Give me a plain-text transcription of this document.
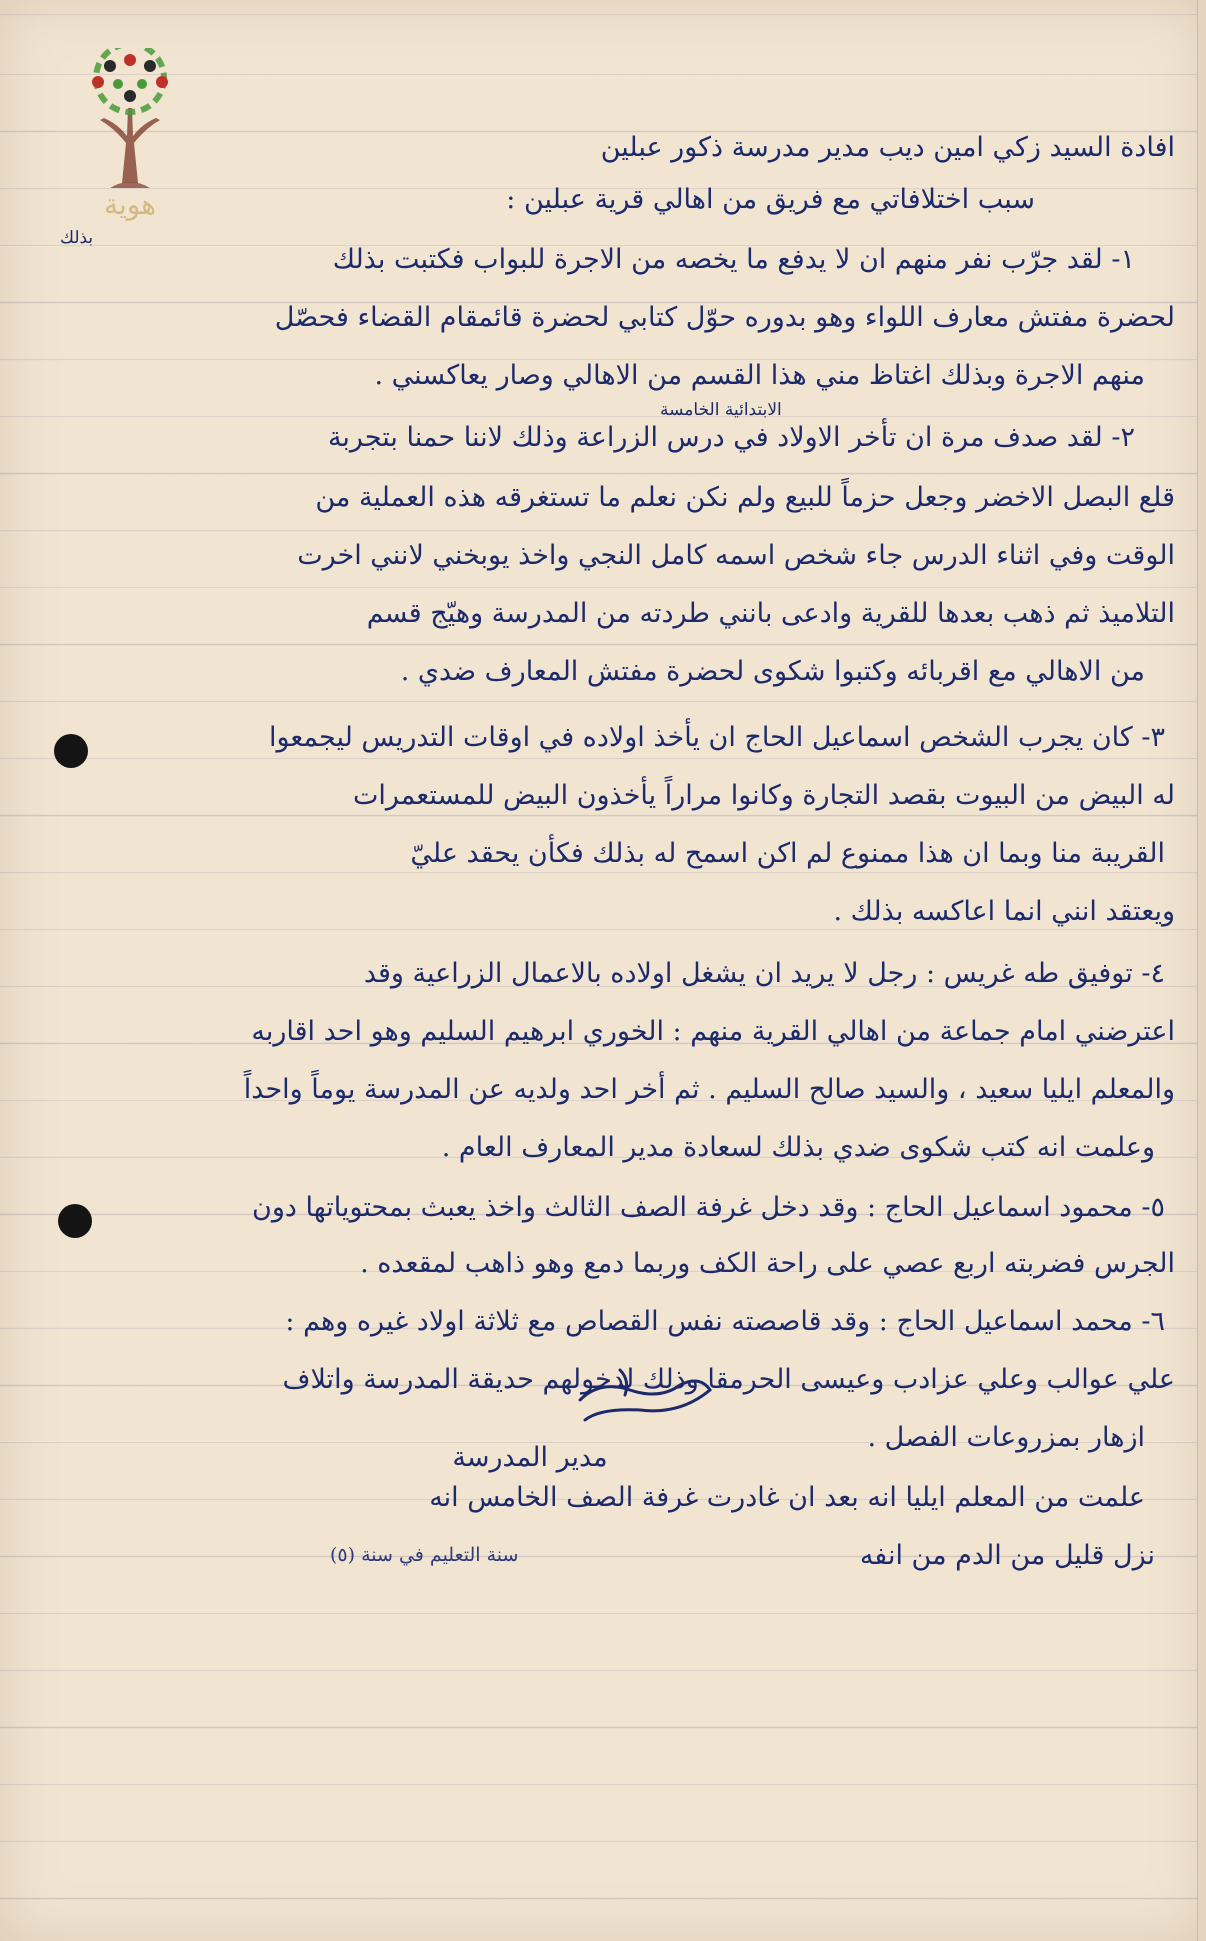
هوية
افادة السيد زكي امين ديب مدير مدرسة ذكور عبلين
سبب اختلافاتي مع فريق من اهالي قرية عبلين :
١- لقد جرّب نفر منهم ان لا يدفع ما يخصه من الاجرة للبواب فكتبت بذلك
لحضرة مفتش معارف اللواء وهو بدوره حوّل كتابي لحضرة قائمقام القضاء فحصّل
منهم الاجرة وبذلك اغتاظ مني هذا القسم من الاهالي وصار يعاكسني .
٢- لقد صدف مرة ان تأخر الاولاد في درس الزراعة وذلك لاننا حمنا بتجربة
قلع البصل الاخضر وجعل حزماً للبيع ولم نكن نعلم ما تستغرقه هذه العملية من
الوقت وفي اثناء الدرس جاء شخص اسمه كامل النجي واخذ يوبخني لانني اخرت
التلاميذ ثم ذهب بعدها للقرية وادعى بانني طردته من المدرسة وهيّج قسم
من الاهالي مع اقربائه وكتبوا شكوى لحضرة مفتش المعارف ضدي .
٣- كان يجرب الشخص اسماعيل الحاج ان يأخذ اولاده في اوقات التدريس ليجمعوا
له البيض من البيوت بقصد التجارة وكانوا مراراً يأخذون البيض للمستعمرات
القريبة منا وبما ان هذا ممنوع لم اكن اسمح له بذلك فكأن يحقد عليّ
ويعتقد انني انما اعاكسه بذلك .
٤- توفيق طه غريس : رجل لا يريد ان يشغل اولاده بالاعمال الزراعية وقد
اعترضني امام جماعة من اهالي القرية منهم : الخوري ابرهيم السليم وهو احد اقاربه
والمعلم ايليا سعيد ، والسيد صالح السليم . ثم أخر احد ولديه عن المدرسة يوماً واحداً
وعلمت انه كتب شكوى ضدي بذلك لسعادة مدير المعارف العام .
٥- محمود اسماعيل الحاج : وقد دخل غرفة الصف الثالث واخذ يعبث بمحتوياتها دون
الجرس فضربته اربع عصي على راحة الكف وربما دمع وهو ذاهب لمقعده .
٦- محمد اسماعيل الحاج : وقد قاصصته نفس القصاص مع ثلاثة اولاد غيره وهم :
علي عوالب وعلي عزادب وعيسى الحرمقا وذلك لدخولهم حديقة المدرسة واتلاف
ازهار بمزروعات الفصل .
علمت من المعلم ايليا انه بعد ان غادرت غرفة الصف الخامس انه
نزل قليل من الدم من انفه
بذلك
الابتدائية الخامسة
سنة التعليم في سنة (٥)
مدير المدرسة
